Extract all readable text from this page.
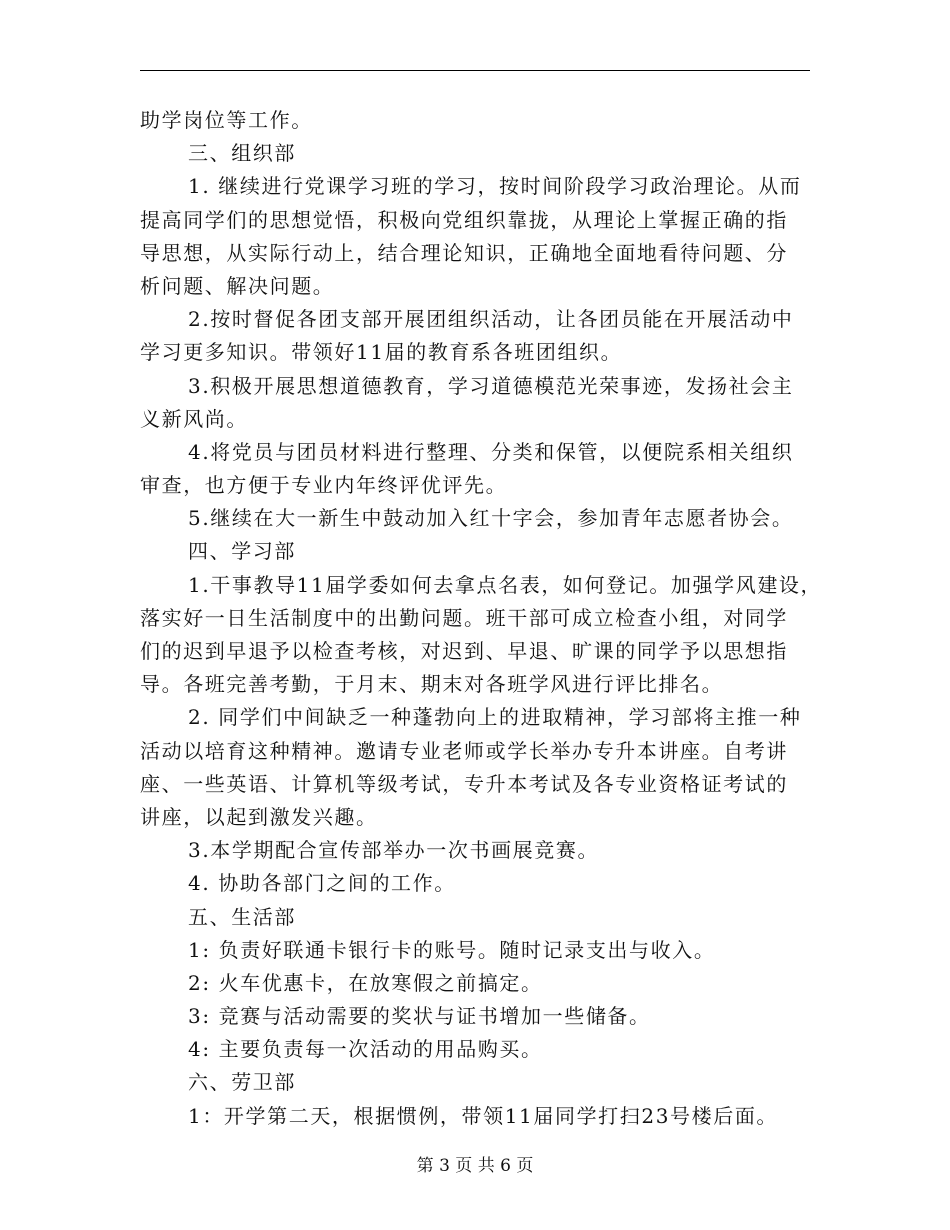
助学岗位等工作。
三、组织部
1. 继续进行党课学习班的学习，按时间阶段学习政治理论。从而
提高同学们的思想觉悟，积极向党组织靠拢，从理论上掌握正确的指
导思想，从实际行动上，结合理论知识，正确地全面地看待问题、分
析问题、解决问题。
2.按时督促各团支部开展团组织活动，让各团员能在开展活动中
学习更多知识。带领好11届的教育系各班团组织。
3.积极开展思想道德教育，学习道德模范光荣事迹，发扬社会主
义新风尚。
4.将党员与团员材料进行整理、分类和保管，以便院系相关组织
审查，也方便于专业内年终评优评先。
5.继续在大一新生中鼓动加入红十字会，参加青年志愿者协会。
四、学习部
1.干事教导11届学委如何去拿点名表，如何登记。加强学风建设，
落实好一日生活制度中的出勤问题。班干部可成立检查小组，对同学
们的迟到早退予以检查考核，对迟到、早退、旷课的同学予以思想指
导。各班完善考勤，于月末、期末对各班学风进行评比排名。
2. 同学们中间缺乏一种蓬勃向上的进取精神，学习部将主推一种
活动以培育这种精神。邀请专业老师或学长举办专升本讲座。自考讲
座、一些英语、计算机等级考试，专升本考试及各专业资格证考试的
讲座，以起到激发兴趣。
3.本学期配合宣传部举办一次书画展竞赛。
4. 协助各部门之间的工作。
五、生活部
1: 负责好联通卡银行卡的账号。随时记录支出与收入。
2: 火车优惠卡，在放寒假之前搞定。
3: 竞赛与活动需要的奖状与证书增加一些储备。
4: 主要负责每一次活动的用品购买。
六、劳卫部
1：开学第二天，根据惯例，带领11届同学打扫23号楼后面。
第 3 页 共 6 页
